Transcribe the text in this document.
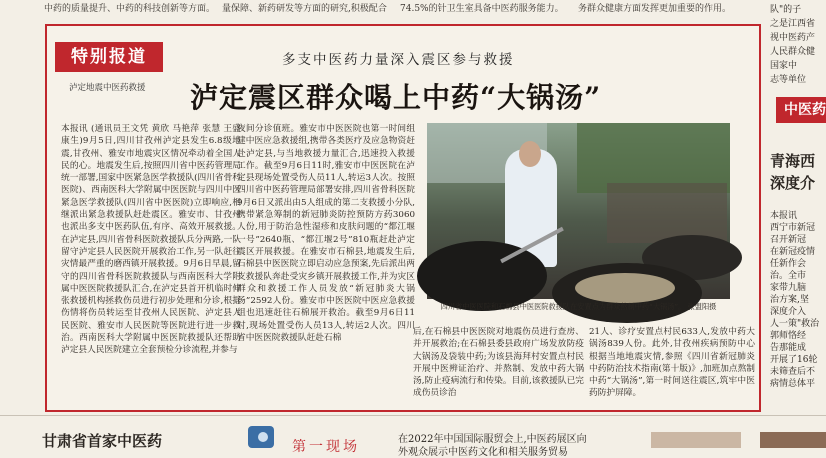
中药的质量提升、中药的科技创新等方面。 量保障、新药研发等方面的研究,积极配合 74.5%的针卫生室具备中医药服务能力。 务群众健康方面发挥更加重要的作用。
特别报道
泸定地震中医药救援
多支中医药力量深入震区参与救援
泸定震区群众喝上中药“大锅汤”
本报讯 (通讯员王文凭 黄欣 马艳萍 张慧 王盛 康生)9月5日,四川甘孜州泸定县发生6.8级地震,甘孜州、雅安市地震灾区情况牵动着全国人民的心。地震发生后,按照四川省中医药管理局统一部署,国家中医紧急医学救援队(四川省骨科医院)、西南医科大学附属中医医院与四川中医紧急医学救援队(四川省中医医院)立即响应,相继派出紧急救援队赶赴震区。雅安市、甘孜州也派出多支中医药队伍,有序、高效开展救援。在泸定县,四川省骨科医院救援队兵分两路,一队留守泸定县人民医院开展救治工作,另一队赶往灾情最严重的磨西镇开展救援。9月6日早晨,留守的四川省骨科医院救援队与西南医科大学附属中医医院救援队汇合,在泸定县首开机临时伸张救援机构拯救伤员进行初步处理和分诊,根据伤情将伤员转运至甘孜州人民医院、泸定县人民医院、雅安市人民医院等医院进行进一步救治。西南医科大学附属中医医院救援队还帮助泸定县人民医院建立全套预检分诊流程,并参与
夜间分诊值班。雅安市中医医院也第一时间组建中医应急救援组,携带各类医疗及应急物资赶赴泸定县,与当地救援力量汇合,迅速投入救援工作。截至9月6日11时,雅安市中医医院在泸定县现场处置受伤人员11人,转运3人次。按照四川省中医药管理局部署安排,四川省骨科医院9月6日又派出由5人组成的第二支救援小分队,携带紧急筹制的新冠肺炎防控预防方药3060人份,用于防治急性湿疹和皮肤问题的“都江堰一号”2640瓶、“都江堰2号”810瓶赶赴泸定震区开展救援。在雅安市石棉县,地震发生后,石棉县中医医院立即启动应急预案,先后派出两支救援队奔赴受灾乡镇开展救援工作,并为灾区群众和救援工作人员发放“新冠肺炎大锅汤”2592人份。雅安市中医医院中医应急救援组也迅速赶往石棉展开救治。截至9月6日11时,现场处置受伤人员13人,转运2人次。四川省中医医院救援队赶赴石棉
四川省中医医院和石棉县中医医院救援队在安置点为群众熬制中药“大锅汤”。 张盟阳摄
后,在石棉县中医医院对地震伤员进行查房、并开展救治;在石棉县委县政府广场发放防疫大锅汤及袋装中药;为该县海拜村安置点村民开展中医辨证治疗、并熬制、发放中药大锅汤,防止疫病流行和传染。目前,该救援队已完成伤员诊治
21人、诊疗安置点村民633人,发放中药大锅汤839人份。此外,甘孜州疾病预防中心根据当地地震灾情,参照《四川省新冠肺炎中药防治技术指南(第十版)》,加班加点熬制中药“大锅汤”,第一时间送往震区,筑牢中医药防护屏障。
队"的子
之是江西省
视中医药产
人民群众健
国家中
志等单位
青海西
深度介
本报讯
西宁市新冠
召开新冠
在新冠疫情
任新作会
治。全市
家带九脑
治方案,坚
深度介入
人一策"救治
郭师恪经
告那能成
开展了16轮
未筛查后不
病情总体平
中医药
甘肃省首家中医药	第一现场	在2022年中国国际服贸会上,中医药展区向
外观众展示中医药文化和相关服务贸易
